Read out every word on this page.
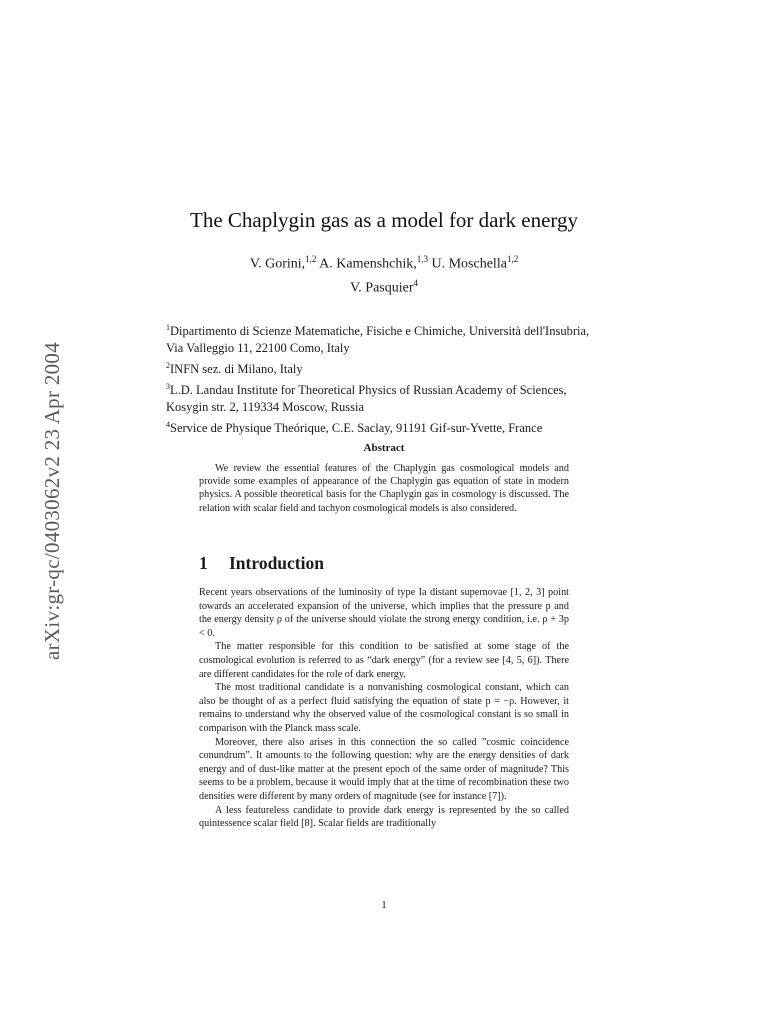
arXiv:gr-qc/0403062v2 23 Apr 2004
The Chaplygin gas as a model for dark energy
V. Gorini,$^{1,2}$ A. Kamenshchik,$^{1,3}$ U. Moschella$^{1,2}$
V. Pasquier$^4$
$^1$Dipartimento di Scienze Matematiche, Fisiche e Chimiche, Università dell'Insubria,
Via Valleggio 11, 22100 Como, Italy
$^2$INFN sez. di Milano, Italy
$^3$L.D. Landau Institute for Theoretical Physics of Russian Academy of Sciences,
Kosygin str. 2, 119334 Moscow, Russia
$^4$Service de Physique Theórique, C.E. Saclay, 91191 Gif-sur-Yvette, France
Abstract

We review the essential features of the Chaplygin gas cosmological models and provide some examples of appearance of the Chaplygin gas equation of state in modern physics. A possible theoretical basis for the Chaplygin gas in cosmology is discussed. The relation with scalar field and tachyon cosmological models is also considered.

1 Introduction

Recent years observations of the luminosity of type Ia distant supernovae [1, 2, 3] point towards an accelerated expansion of the universe, which implies that the pressure p and the energy density ρ of the universe should violate the strong energy condition, i.e. ρ + 3p < 0.

The matter responsible for this condition to be satisfied at some stage of the cosmological evolution is referred to as “dark energy” (for a review see [4, 5, 6]). There are different candidates for the role of dark energy.

The most traditional candidate is a nonvanishing cosmological constant, which can also be thought of as a perfect fluid satisfying the equation of state p = −ρ. However, it remains to understand why the observed value of the cosmological constant is so small in comparison with the Planck mass scale.

Moreover, there also arises in this connection the so called ”cosmic coincidence conundrum”. It amounts to the following question: why are the energy densities of dark energy and of dust-like matter at the present epoch of the same order of magnitude? This seems to be a problem, because it would imply that at the time of recombination these two densities were different by many orders of magnitude (see for instance [7]).

A less featureless candidate to provide dark energy is represented by the so called quintessence scalar field [8]. Scalar fields are traditionally

1
